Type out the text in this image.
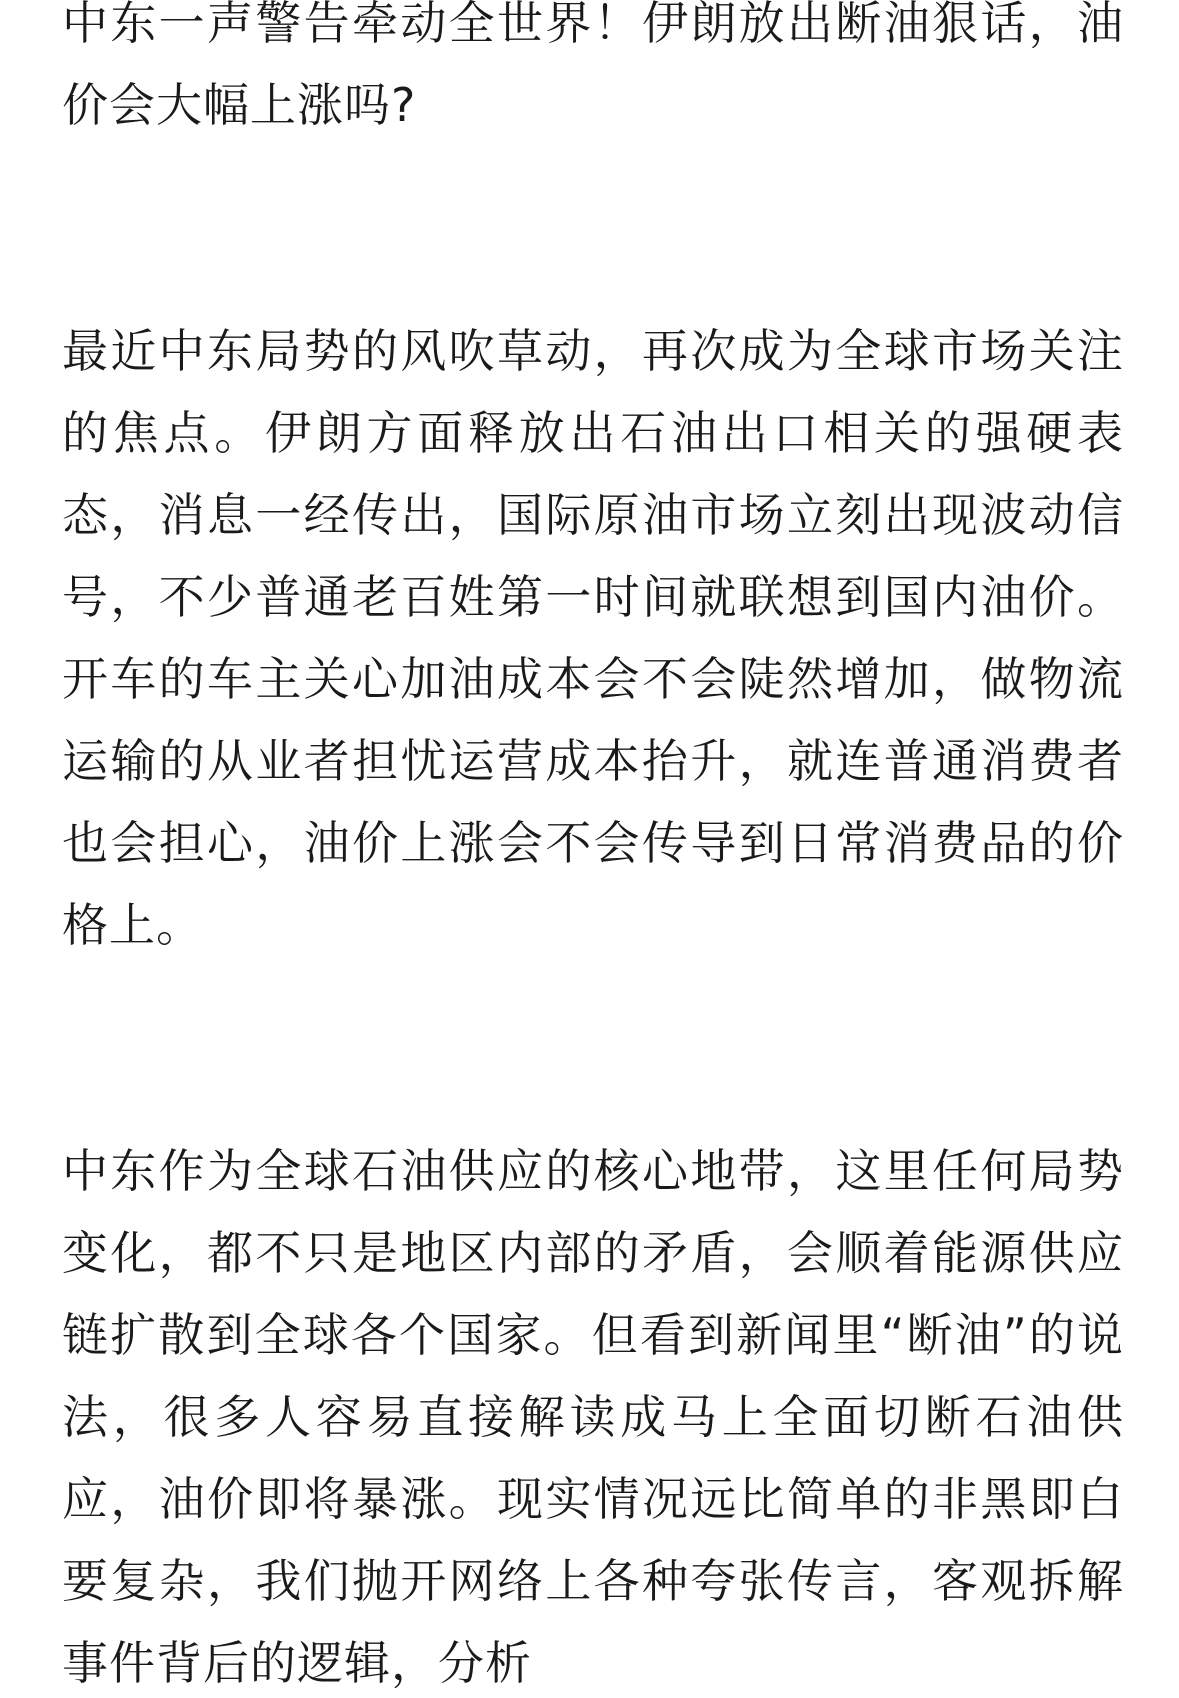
中东一声警告牵动全世界！伊朗放出断油狠话，油价会大幅上涨吗?

最近中东局势的风吹草动，再次成为全球市场关注的焦点。伊朗方面释放出石油出口相关的强硬表态，消息一经传出，国际原油市场立刻出现波动信号，不少普通老百姓第一时间就联想到国内油价。开车的车主关心加油成本会不会陡然增加，做物流运输的从业者担忧运营成本抬升，就连普通消费者也会担心，油价上涨会不会传导到日常消费品的价格上。

中东作为全球石油供应的核心地带，这里任何局势变化，都不只是地区内部的矛盾，会顺着能源供应链扩散到全球各个国家。但看到新闻里“断油”的说法，很多人容易直接解读成马上全面切断石油供应，油价即将暴涨。现实情况远比简单的非黑即白要复杂，我们抛开网络上各种夸张传言，客观拆解事件背后的逻辑，分析
